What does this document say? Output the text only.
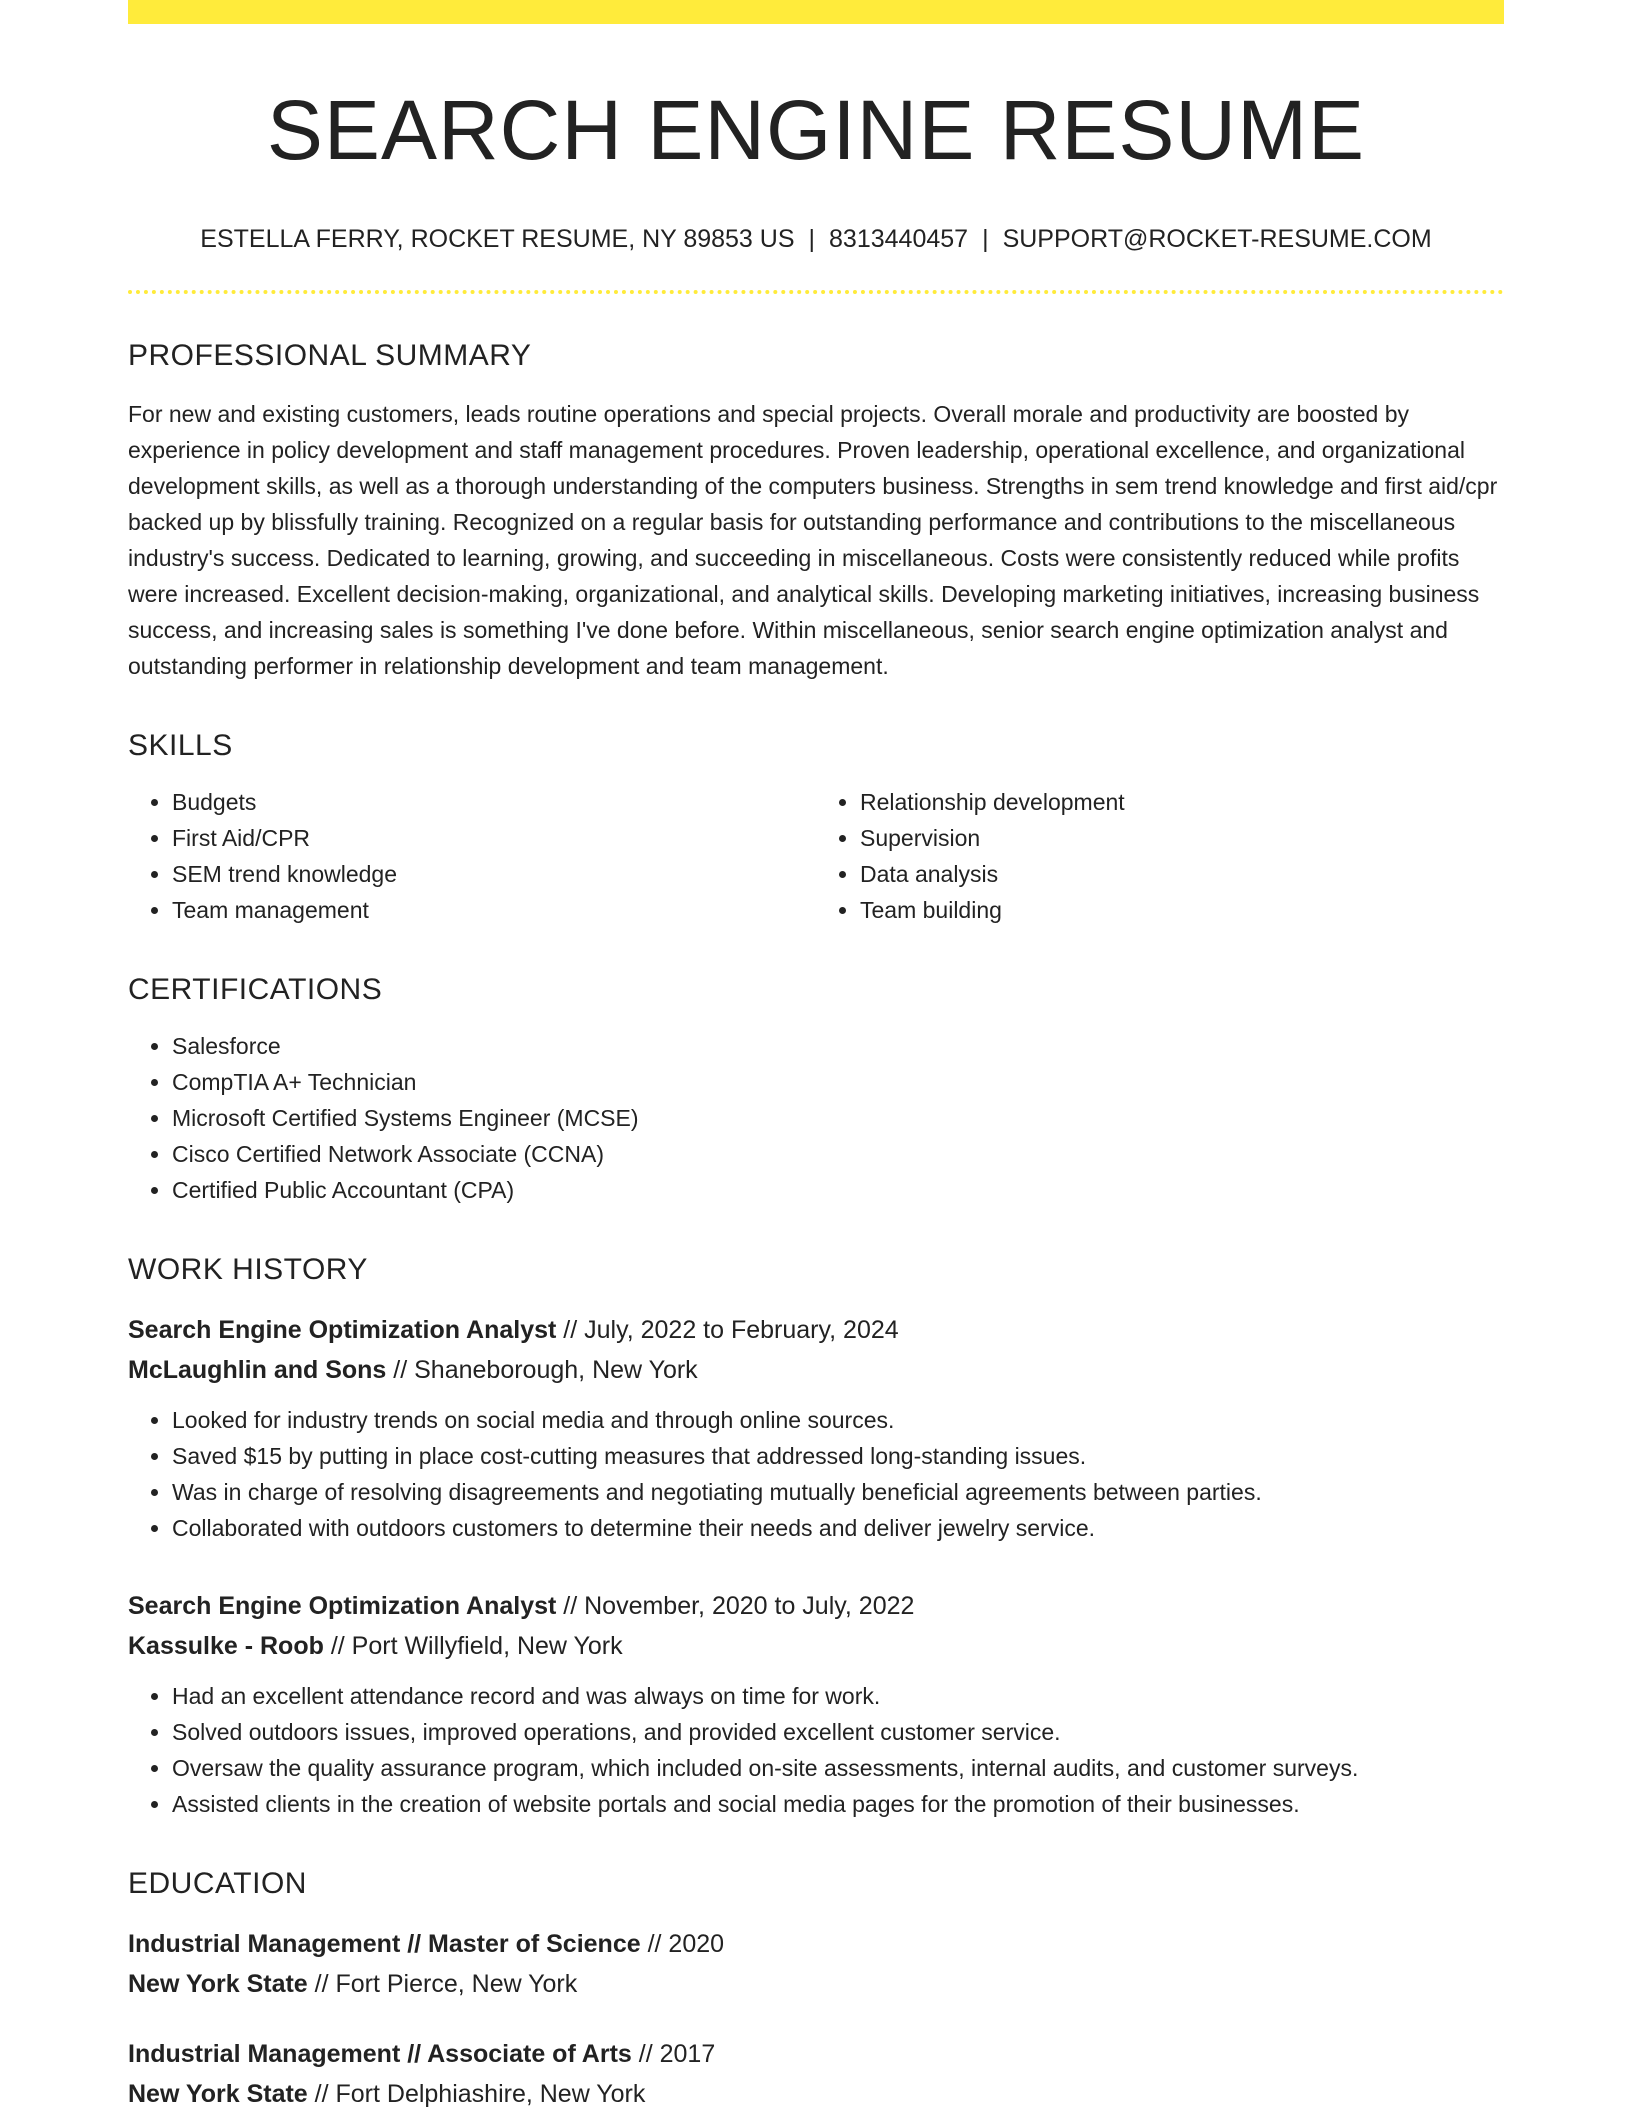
SEARCH ENGINE RESUME
ESTELLA FERRY, ROCKET RESUME, NY 89853 US | 8313440457 | SUPPORT@ROCKET-RESUME.COM
PROFESSIONAL SUMMARY

For new and existing customers, leads routine operations and special projects. Overall morale and productivity are boosted by experience in policy development and staff management procedures. Proven leadership, operational excellence, and organizational development skills, as well as a thorough understanding of the computers business. Strengths in sem trend knowledge and first aid/cpr backed up by blissfully training. Recognized on a regular basis for outstanding performance and contributions to the miscellaneous industry's success. Dedicated to learning, growing, and succeeding in miscellaneous. Costs were consistently reduced while profits were increased. Excellent decision-making, organizational, and analytical skills. Developing marketing initiatives, increasing business success, and increasing sales is something I've done before. Within miscellaneous, senior search engine optimization analyst and outstanding performer in relationship development and team management.

SKILLS
• Budgets
• First Aid/CPR
• SEM trend knowledge
• Team management
• Relationship development
• Supervision
• Data analysis
• Team building
CERTIFICATIONS
• Salesforce
• CompTIA A+ Technician
• Microsoft Certified Systems Engineer (MCSE)
• Cisco Certified Network Associate (CCNA)
• Certified Public Accountant (CPA)
WORK HISTORY
Search Engine Optimization Analyst // July, 2022 to February, 2024
McLaughlin and Sons // Shaneborough, New York
• Looked for industry trends on social media and through online sources.
• Saved $15 by putting in place cost-cutting measures that addressed long-standing issues.
• Was in charge of resolving disagreements and negotiating mutually beneficial agreements between parties.
• Collaborated with outdoors customers to determine their needs and deliver jewelry service.
Search Engine Optimization Analyst // November, 2020 to July, 2022
Kassulke - Roob // Port Willyfield, New York
• Had an excellent attendance record and was always on time for work.
• Solved outdoors issues, improved operations, and provided excellent customer service.
• Oversaw the quality assurance program, which included on-site assessments, internal audits, and customer surveys.
• Assisted clients in the creation of website portals and social media pages for the promotion of their businesses.
EDUCATION
Industrial Management // Master of Science // 2020
New York State // Fort Pierce, New York
Industrial Management // Associate of Arts // 2017
New York State // Fort Delphiashire, New York
